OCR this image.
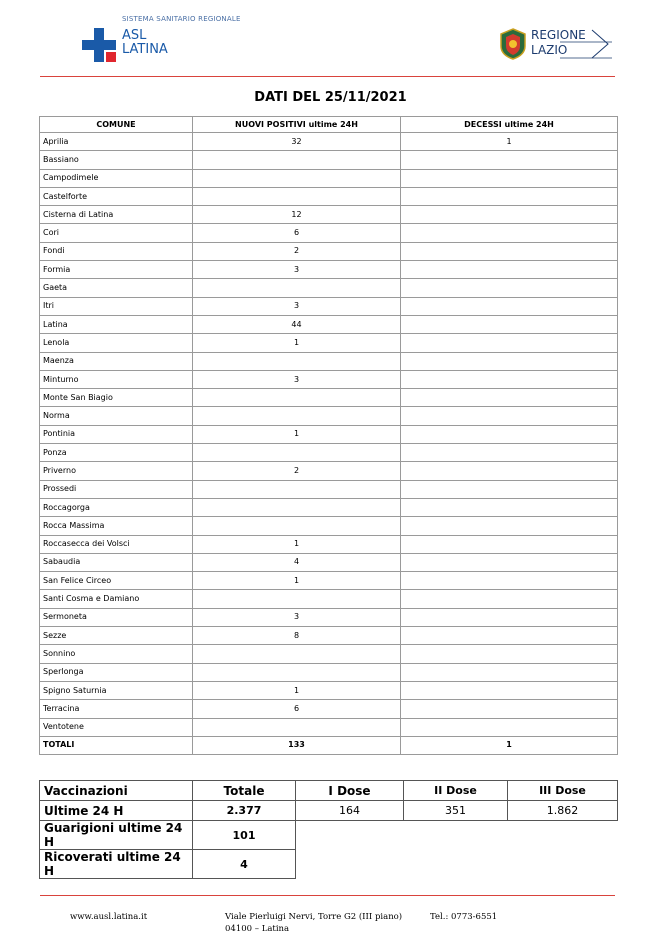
SISTEMA SANITARIO REGIONALE
ASL
LATINA
REGIONE
LAZIO
DATI DEL 25/11/2021
COMUNE	NUOVI POSITIVI ultime 24H	DECESSI ultime 24H
Aprilia	32	1
Bassiano		
Campodimele		
Castelforte		
Cisterna di Latina	12	
Cori	6	
Fondi	2	
Formia	3	
Gaeta		
Itri	3	
Latina	44	
Lenola	1	
Maenza		
Minturno	3	
Monte San Biagio		
Norma		
Pontinia	1	
Ponza		
Priverno	2	
Prossedi		
Roccagorga		
Rocca Massima		
Roccasecca dei Volsci	1	
Sabaudia	4	
San Felice Circeo	1	
Santi Cosma e Damiano		
Sermoneta	3	
Sezze	8	
Sonnino		
Sperlonga		
Spigno Saturnia	1	
Terracina	6	
Ventotene		
TOTALI	133	1
Vaccinazioni	Totale	I Dose	II Dose	III Dose
Ultime 24 H	2.377	164	351	1.862
Guarigioni ultime 24 H	101			
Ricoverati ultime 24 H	4			
www.ausl.latina.it	Viale Pierluigi Nervi, Torre G2 (III piano)
04100 – Latina
Tel.: 0773-6551
